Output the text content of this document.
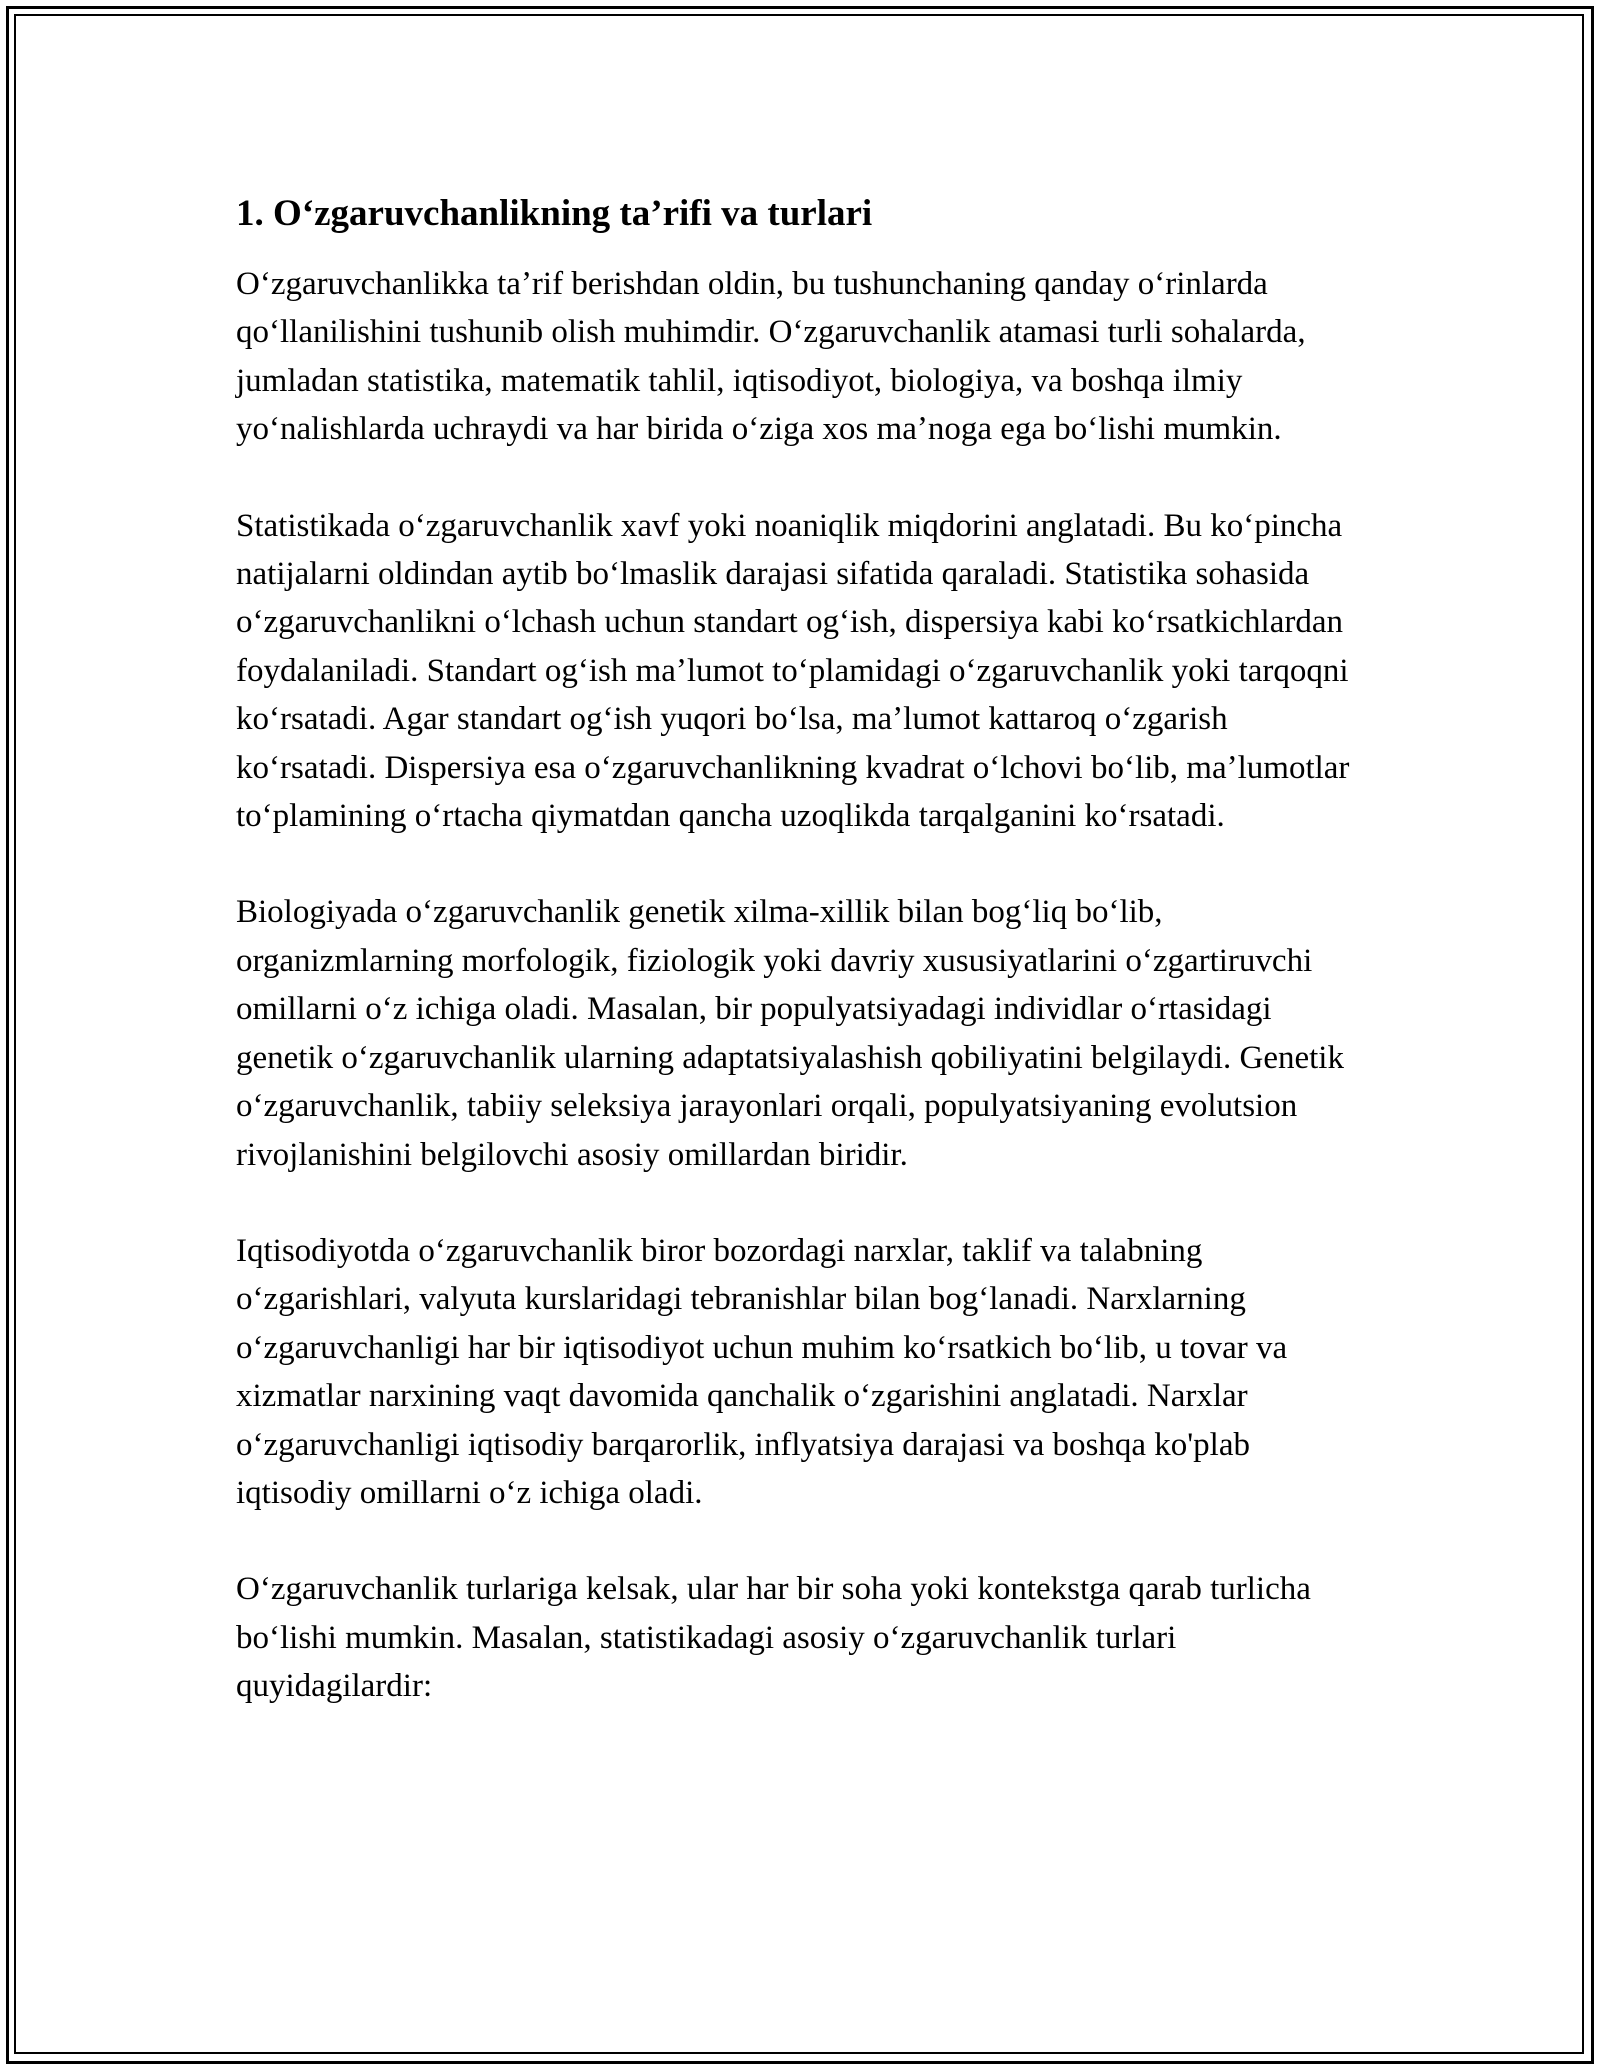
1. Oʻzgaruvchanlikning taʼrifi va turlari

Oʻzgaruvchanlikka taʼrif berishdan oldin, bu tushunchaning qanday oʻrinlarda qoʻllanilishini tushunib olish muhimdir. Oʻzgaruvchanlik atamasi turli sohalarda, jumladan statistika, matematik tahlil, iqtisodiyot, biologiya, va boshqa ilmiy yoʻnalishlarda uchraydi va har birida oʻziga xos maʼnoga ega boʻlishi mumkin.

Statistikada oʻzgaruvchanlik xavf yoki noaniqlik miqdorini anglatadi. Bu koʻpincha natijalarni oldindan aytib boʻlmaslik darajasi sifatida qaraladi. Statistika sohasida oʻzgaruvchanlikni oʻlchash uchun standart ogʻish, dispersiya kabi koʻrsatkichlardan foydalaniladi. Standart ogʻish maʼlumot toʻplamidagi oʻzgaruvchanlik yoki tarqoqni koʻrsatadi. Agar standart ogʻish yuqori boʻlsa, maʼlumot kattaroq oʻzgarish koʻrsatadi. Dispersiya esa oʻzgaruvchanlikning kvadrat oʻlchovi boʻlib, maʼlumotlar toʻplamining oʻrtacha qiymatdan qancha uzoqlikda tarqalganini koʻrsatadi.

Biologiyada oʻzgaruvchanlik genetik xilma-xillik bilan bogʻliq boʻlib, organizmlarning morfologik, fiziologik yoki davriy xususiyatlarini oʻzgartiruvchi omillarni oʻz ichiga oladi. Masalan, bir populyatsiyadagi individlar oʻrtasidagi genetik oʻzgaruvchanlik ularning adaptatsiyalashish qobiliyatini belgilaydi. Genetik oʻzgaruvchanlik, tabiiy seleksiya jarayonlari orqali, populyatsiyaning evolutsion rivojlanishini belgilovchi asosiy omillardan biridir.

Iqtisodiyotda oʻzgaruvchanlik biror bozordagi narxlar, taklif va talabning oʻzgarishlari, valyuta kurslaridagi tebranishlar bilan bogʻlanadi. Narxlarning oʻzgaruvchanligi har bir iqtisodiyot uchun muhim koʻrsatkich boʻlib, u tovar va xizmatlar narxining vaqt davomida qanchalik oʻzgarishini anglatadi. Narxlar oʻzgaruvchanligi iqtisodiy barqarorlik, inflyatsiya darajasi va boshqa ko'plab iqtisodiy omillarni oʻz ichiga oladi.

Oʻzgaruvchanlik turlariga kelsak, ular har bir soha yoki kontekstga qarab turlicha boʻlishi mumkin. Masalan, statistikadagi asosiy oʻzgaruvchanlik turlari quyidagilardir:
